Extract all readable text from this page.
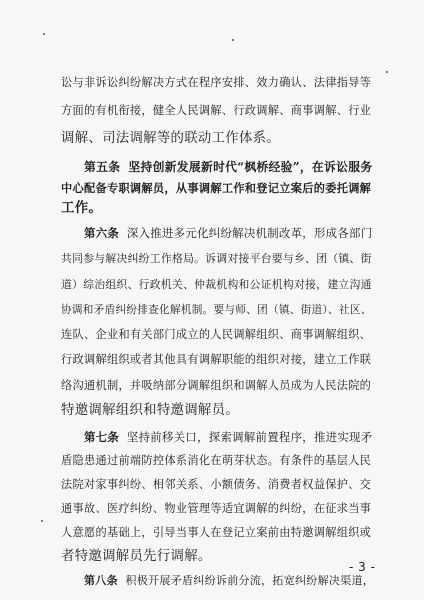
讼与非诉讼纠纷解决方式在程序安排、效力确认、法律指导等
方面的有机衔接，健全人民调解、行政调解、商事调解、行业
调解、司法调解等的联动工作体系。
第五条 坚持创新发展新时代“枫桥经验”，在诉讼服务
中心配备专职调解员，从事调解工作和登记立案后的委托调解
工作。
第六条 深入推进多元化纠纷解决机制改革，形成各部门
共同参与解决纠纷工作格局。诉调对接平台要与乡、团（镇、街
道）综治组织、行政机关、仲裁机构和公证机构对接，建立沟通
协调和矛盾纠纷排查化解机制。要与师、团（镇、街道）、社区、
连队、企业和有关部门成立的人民调解组织、商事调解组织、
行政调解组织或者其他具有调解职能的组织对接，建立工作联
络沟通机制，并吸纳部分调解组织和调解人员成为人民法院的
特邀调解组织和特邀调解员。
第七条 坚持前移关口，探索调解前置程序，推进实现矛
盾隐患通过前端防控体系消化在萌芽状态。有条件的基层人民
法院对家事纠纷、相邻关系、小额债务、消费者权益保护、交
通事故、医疗纠纷、物业管理等适宜调解的纠纷，在征求当事
人意愿的基础上，引导当事人在登记立案前由特邀调解组织或
者特邀调解员先行调解。
第八条 积极开展矛盾纠纷诉前分流，拓宽纠纷解决渠道，
- 3 -
